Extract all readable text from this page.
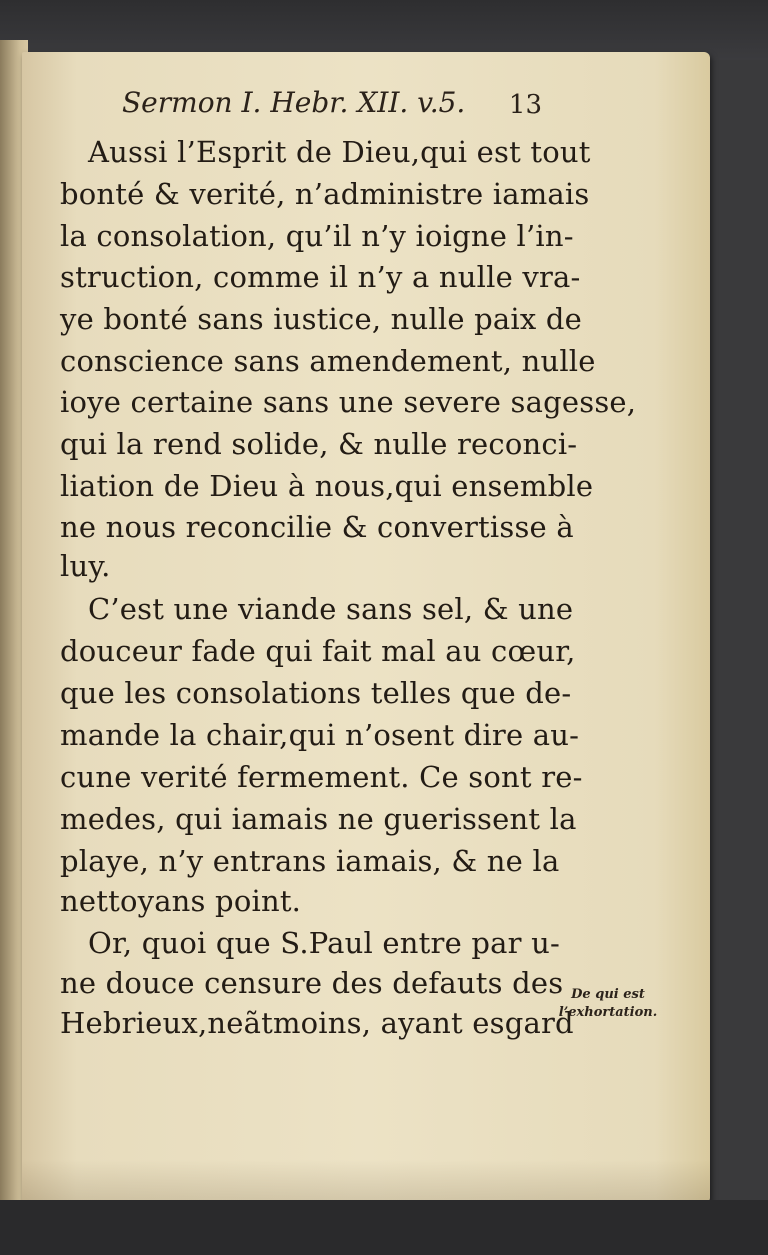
Sermon I. Hebr. XII. v.5. 13
Aussi l’Esprit de Dieu,qui est tout
bonté & verité, n’administre iamais
la consolation, qu’il n’y ioigne l’in-
struction, comme il n’y a nulle vra-
ye bonté sans iustice, nulle paix de
conscience sans amendement, nulle
ioye certaine sans une severe sagesse,
qui la rend solide, & nulle reconci-
liation de Dieu à nous,qui ensemble
ne nous reconcilie & convertisse à
luy.
C’est une viande sans sel, & une
douceur fade qui fait mal au cœur,
que les consolations telles que de-
mande la chair,qui n’osent dire au-
cune verité fermement. Ce sont re-
medes, qui iamais ne guerissent la
playe, n’y entrans iamais, & ne la
nettoyans point.
Or, quoi que S.Paul entre par u-
ne douce censure des defauts des
Hebrieux,neãtmoins, ayant esgard
De qui est
l’exhortation.
